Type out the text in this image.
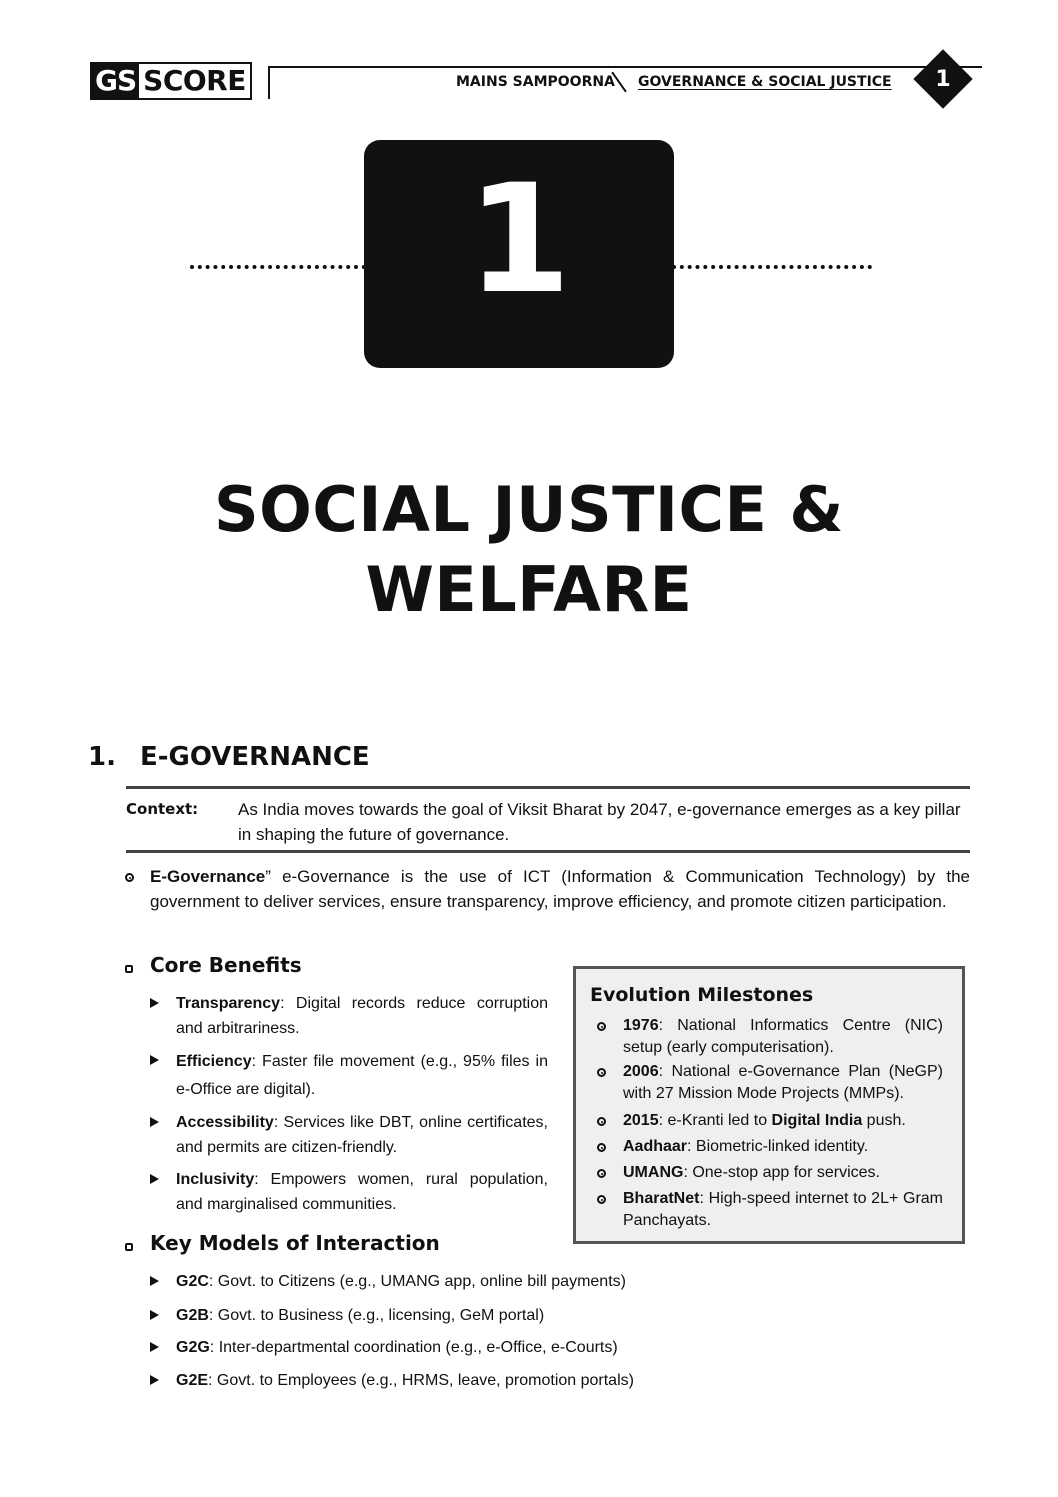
GS SCORE	MAINS SAMPOORNA GOVERNANCE & SOCIAL JUSTICE	1
1
SOCIAL JUSTICE &
WELFARE
1. E-GOVERNANCE
Context: As India moves towards the goal of Viksit Bharat by 2047, e-governance emerges as a key pillar in shaping the future of governance.
E-Governance” e-Governance is the use of ICT (Information & Communication Technology) by the government to deliver services, ensure transparency, improve efficiency, and promote citizen participation.
Core Benefits
Transparency: Digital records reduce corruption and arbitrariness.
Efficiency: Faster file movement (e.g., 95% files in e-Office are digital).
Accessibility: Services like DBT, online certificates, and permits are citizen-friendly.
Inclusivity: Empowers women, rural population, and marginalised communities.
Evolution Milestones
1976: National Informatics Centre (NIC) setup (early computerisation).
2006: National e-Governance Plan (NeGP) with 27 Mission Mode Projects (MMPs).
2015: e-Kranti led to Digital India push.
Aadhaar: Biometric-linked identity.
UMANG: One-stop app for services.
BharatNet: High-speed internet to 2L+ Gram Panchayats.
Key Models of Interaction
G2C: Govt. to Citizens (e.g., UMANG app, online bill payments)
G2B: Govt. to Business (e.g., licensing, GeM portal)
G2G: Inter-departmental coordination (e.g., e-Office, e-Courts)
G2E: Govt. to Employees (e.g., HRMS, leave, promotion portals)
